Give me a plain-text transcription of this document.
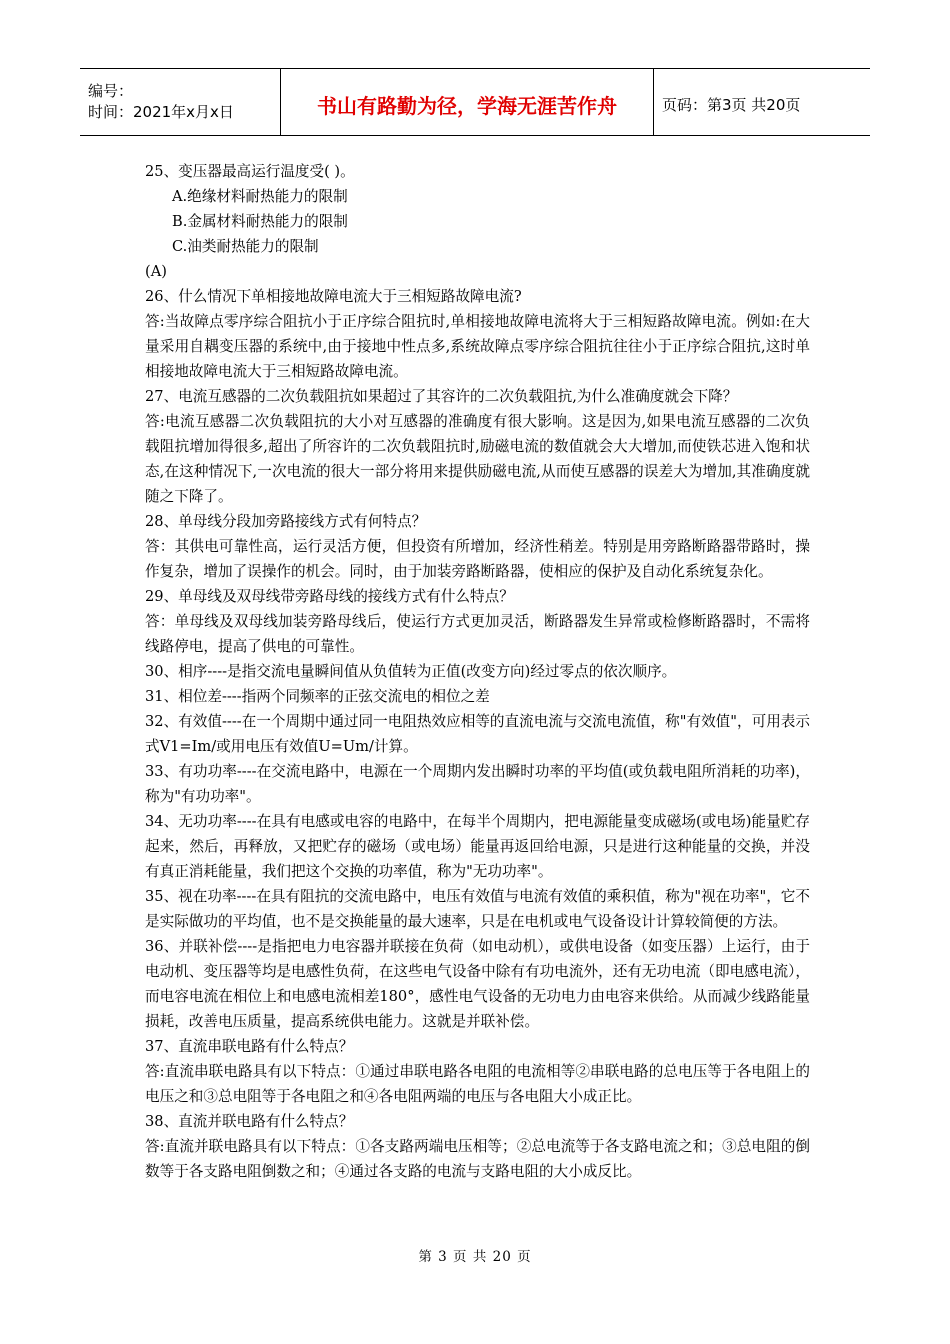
编号：
时间：2021年x月x日	书山有路勤为径，学海无涯苦作舟	页码：第3页 共20页

25、变压器最高运行温度受( )。

A.绝缘材料耐热能力的限制

B.金属材料耐热能力的限制

C.油类耐热能力的限制

(A)

26、什么情况下单相接地故障电流大于三相短路故障电流?

答:当故障点零序综合阻抗小于正序综合阻抗时,单相接地故障电流将大于三相短路故障电流。例如:在大量采用自耦变压器的系统中,由于接地中性点多,系统故障点零序综合阻抗往往小于正序综合阻抗,这时单相接地故障电流大于三相短路故障电流。

27、电流互感器的二次负载阻抗如果超过了其容许的二次负载阻抗,为什么准确度就会下降？

答:电流互感器二次负载阻抗的大小对互感器的准确度有很大影响。这是因为,如果电流互感器的二次负载阻抗增加得很多,超出了所容许的二次负载阻抗时,励磁电流的数值就会大大增加,而使铁芯进入饱和状态,在这种情况下,一次电流的很大一部分将用来提供励磁电流,从而使互感器的误差大为增加,其准确度就随之下降了。

28、单母线分段加旁路接线方式有何特点？

答：其供电可靠性高，运行灵活方便，但投资有所增加，经济性稍差。特别是用旁路断路器带路时，操作复杂，增加了误操作的机会。同时，由于加装旁路断路器，使相应的保护及自动化系统复杂化。

29、单母线及双母线带旁路母线的接线方式有什么特点？

答：单母线及双母线加装旁路母线后，使运行方式更加灵活，断路器发生异常或检修断路器时，不需将线路停电，提高了供电的可靠性。

30、相序----是指交流电量瞬间值从负值转为正值(改变方向)经过零点的依次顺序。

31、相位差----指两个同频率的正弦交流电的相位之差

32、有效值----在一个周期中通过同一电阻热效应相等的直流电流与交流电流值，称"有效值"，可用表示式V1=Im/或用电压有效值U=Um/计算。

33、有功功率----在交流电路中，电源在一个周期内发出瞬时功率的平均值(或负载电阻所消耗的功率)，称为"有功功率"。

34、无功功率----在具有电感或电容的电路中，在每半个周期内，把电源能量变成磁场(或电场)能量贮存起来，然后，再释放，又把贮存的磁场（或电场）能量再返回给电源，只是进行这种能量的交换，并没有真正消耗能量，我们把这个交换的功率值，称为"无功功率"。

35、视在功率----在具有阻抗的交流电路中，电压有效值与电流有效值的乘积值，称为"视在功率"，它不是实际做功的平均值，也不是交换能量的最大速率，只是在电机或电气设备设计计算较简便的方法。

36、并联补偿----是指把电力电容器并联接在负荷（如电动机），或供电设备（如变压器）上运行，由于电动机、变压器等均是电感性负荷，在这些电气设备中除有有功电流外，还有无功电流（即电感电流），而电容电流在相位上和电感电流相差180°，感性电气设备的无功电力由电容来供给。从而减少线路能量损耗，改善电压质量，提高系统供电能力。这就是并联补偿。

37、直流串联电路有什么特点？

答:直流串联电路具有以下特点：①通过串联电路各电阻的电流相等②串联电路的总电压等于各电阻上的电压之和③总电阻等于各电阻之和④各电阻两端的电压与各电阻大小成正比。

38、直流并联电路有什么特点？

答:直流并联电路具有以下特点：①各支路两端电压相等；②总电流等于各支路电流之和；③总电阻的倒数等于各支路电阻倒数之和；④通过各支路的电流与支路电阻的大小成反比。

第 3 页 共 20 页
